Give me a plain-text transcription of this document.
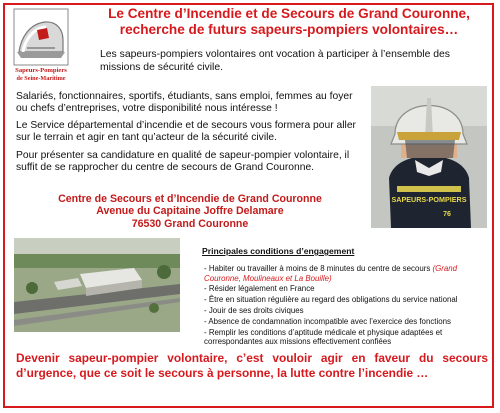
Sapeurs-Pompiers
de Seine-Maritime
Le Centre d’Incendie et de Secours de Grand Couronne,
recherche de futurs sapeurs-pompiers volontaires…
Les sapeurs-pompiers volontaires ont vocation à participer à l’ensemble des missions de sécurité civile.

Salariés, fonctionnaires, sportifs, étudiants, sans emploi, femmes au foyer ou chefs d’entreprises, votre disponibilité nous intéresse !

Le Service départemental d’incendie et de secours vous formera pour aller sur le terrain et agir en tant qu’acteur de la sécurité civile.

Pour présenter sa candidature en qualité de sapeur-pompier volontaire, il suffit de se rapprocher du centre de secours de Grand Couronne.

SAPEURS-POMPIERS
76
Centre de Secours et d’Incendie de Grand Couronne
Avenue du Capitaine Joffre Delamare
76530 Grand Couronne
Principales conditions d’engagement
- Habiter ou travailler à moins de 8 minutes du centre de secours (Grand Couronne, Moulineaux et La Bouille)
- Résider légalement en France
- Être en situation régulière au regard des obligations du service national
- Jouir de ses droits civiques
- Absence de condamnation incompatible avec l’exercice des fonctions
- Remplir les conditions d’aptitude médicale et physique adaptées et correspondantes aux missions effectivement confiées
Devenir sapeur-pompier volontaire, c’est vouloir agir en faveur du secours d’urgence, que ce soit le secours à personne, la lutte contre l’incendie …
